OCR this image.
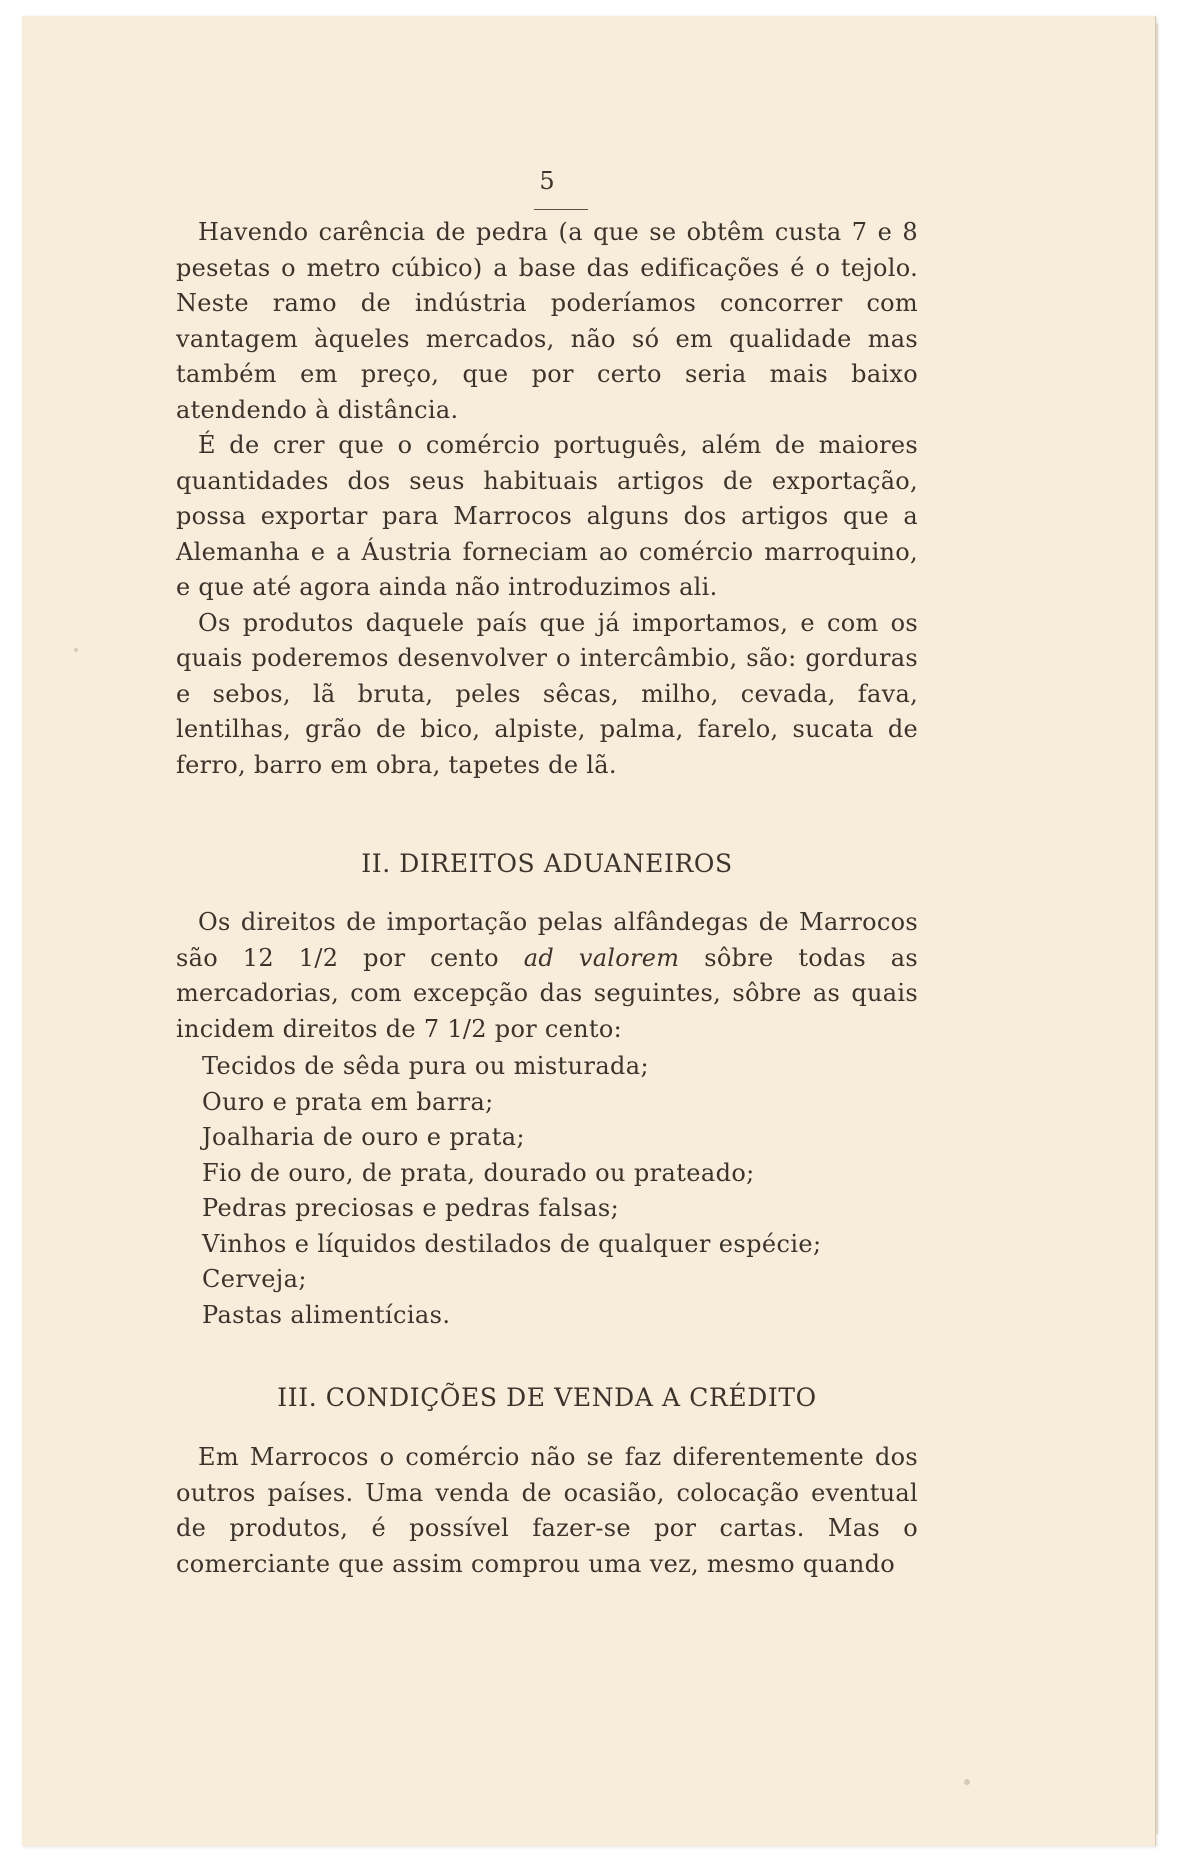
5

Havendo carência de pedra (a que se obtêm custa 7 e 8 pesetas o metro cúbico) a base das edificações é o tejolo. Neste ramo de indústria poderíamos concorrer com vantagem àqueles mercados, não só em qualidade mas também em preço, que por certo seria mais baixo atendendo à distância.

É de crer que o comércio português, além de maiores quantidades dos seus habituais artigos de exportação, possa exportar para Marrocos alguns dos artigos que a Alemanha e a Áustria forneciam ao comércio marroquino, e que até agora ainda não introduzimos ali.

Os produtos daquele país que já importamos, e com os quais poderemos desenvolver o intercâmbio, são: gorduras e sebos, lã bruta, peles sêcas, milho, cevada, fava, lentilhas, grão de bico, alpiste, palma, farelo, sucata de ferro, barro em obra, tapetes de lã.

II. DIREITOS ADUANEIROS

Os direitos de importação pelas alfândegas de Marrocos são 12 1/2 por cento ad valorem sôbre todas as mercadorias, com excepção das seguintes, sôbre as quais incidem direitos de 7 1/2 por cento:

Tecidos de sêda pura ou misturada;
Ouro e prata em barra;
Joalharia de ouro e prata;
Fio de ouro, de prata, dourado ou prateado;
Pedras preciosas e pedras falsas;
Vinhos e líquidos destilados de qualquer espécie;
Cerveja;
Pastas alimentícias.
III. CONDIÇÕES DE VENDA A CRÉDITO

Em Marrocos o comércio não se faz diferentemente dos outros países. Uma venda de ocasião, colocação eventual de produtos, é possível fazer-se por cartas. Mas o comerciante que assim comprou uma vez, mesmo quando
